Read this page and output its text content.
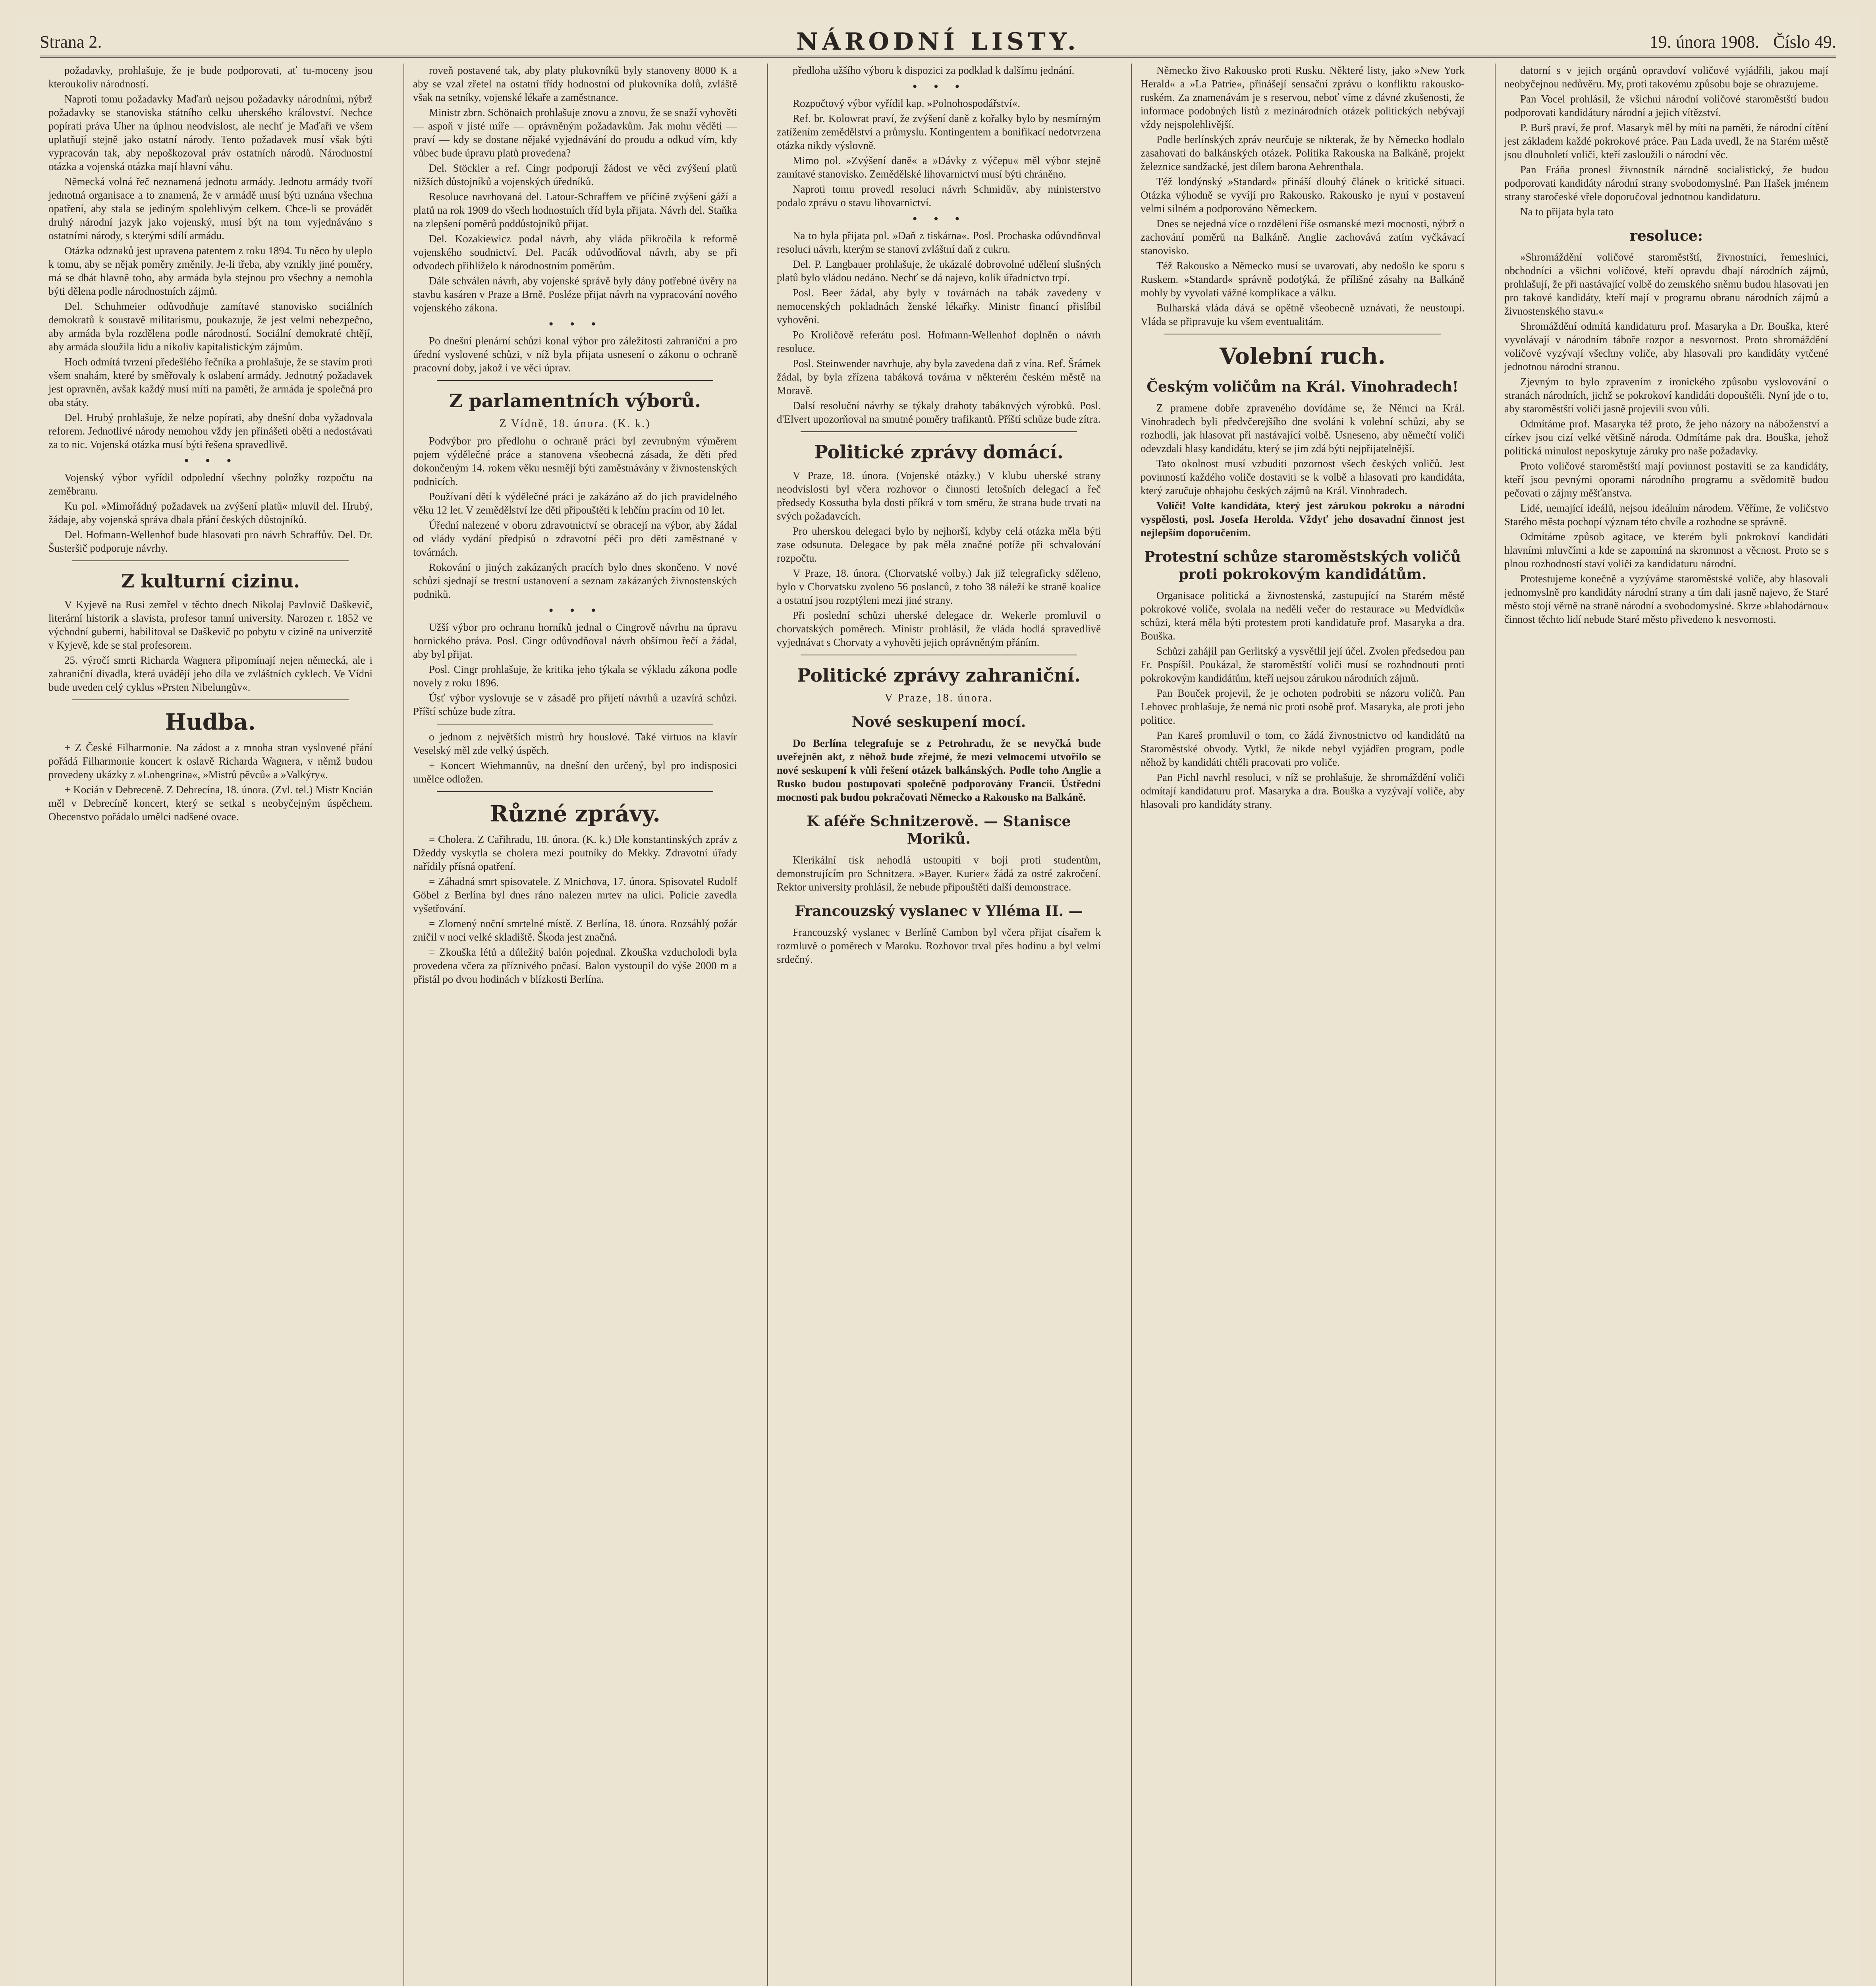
Strana 2.	NÁRODNÍ LISTY.	19. února 1908. Číslo 49.

požadavky, prohlašuje, že je bude podporovati, ať tu-moceny jsou kteroukoliv národností.

Naproti tomu požadavky Maďarů nejsou požadavky národními, nýbrž požadavky se stanoviska státního celku uherského království. Nechce popírati práva Uher na úplnou neodvislost, ale nechť je Maďaři ve všem uplatňují stejně jako ostatní národy. Tento požadavek musí však býti vypracován tak, aby nepoškozoval práv ostatních národů. Národnostní otázka a vojenská otázka mají hlavní váhu.

Německá volná řeč neznamená jednotu armády. Jednotu armády tvoří jednotná organisace a to znamená, že v armádě musí býti uznána všechna opatření, aby stala se jediným spolehlivým celkem. Chce-li se provádět druhý národní jazyk jako vojenský, musí být na tom vyjednáváno s ostatními národy, s kterými sdílí armádu.

Otázka odznaků jest upravena patentem z roku 1894. Tu něco by uleplo k tomu, aby se nějak poměry změnily. Je-li třeba, aby vznikly jiné poměry, má se dbát hlavně toho, aby armáda byla stejnou pro všechny a nemohla býti dělena podle národnostních zájmů.

Del. Schuhmeier odůvodňuje zamítavé stanovisko sociálních demokratů k soustavě militarismu, poukazuje, že jest velmi nebezpečno, aby armáda byla rozdělena podle národností. Sociální demokraté chtějí, aby armáda sloužila lidu a nikoliv kapitalistickým zájmům.

Hoch odmítá tvrzení předešlého řečníka a prohlašuje, že se stavím proti všem snahám, které by směřovaly k oslabení armády. Jednotný požadavek jest opravněn, avšak každý musí míti na paměti, že armáda je společná pro oba státy.

Del. Hrubý prohlašuje, že nelze popírati, aby dnešní doba vyžadovala reforem. Jednotlivé národy nemohou vždy jen přinášeti oběti a nedostávati za to nic. Vojenská otázka musí býti řešena spravedlivě.

• • •

Vojenský výbor vyřídil odpolední všechny položky rozpočtu na zeměbranu.

Ku pol. »Mimořádný požadavek na zvýšení platů« mluvil del. Hrubý, žádaje, aby vojenská správa dbala přání českých důstojníků.

Del. Hofmann-Wellenhof bude hlasovati pro návrh Schraffův. Del. Dr. Šusteršič podporuje návrhy.

Z kulturní cizinu.

V Kyjevě na Rusi zemřel v těchto dnech Nikolaj Pavlovič Daškevič, literární historik a slavista, profesor tamní university. Narozen r. 1852 ve východní guberni, habilitoval se Daškevič po pobytu v cizině na univerzitě v Kyjevě, kde se stal profesorem.

25. výročí smrti Richarda Wagnera připomínají nejen německá, ale i zahraniční divadla, která uvádějí jeho díla ve zvláštních cyklech. Ve Vídni bude uveden celý cyklus »Prsten Nibelungův«.

Hudba.

+ Z České Filharmonie. Na zádost a z mnoha stran vyslovené přání pořádá Filharmonie koncert k oslavě Richarda Wagnera, v němž budou provedeny ukázky z »Lohengrina«, »Mistrů pěvců« a »Valkýry«.

+ Kocián v Debreceně. Z Debrecína, 18. února. (Zvl. tel.) Mistr Kocián měl v Debrecíně koncert, který se setkal s neobyčejným úspěchem. Obecenstvo pořádalo umělci nadšené ovace.

roveň postavené tak, aby platy plukovníků byly stanoveny 8000 K a aby se vzal zřetel na ostatní třídy hodnostní od plukovníka dolů, zvláště však na setníky, vojenské lékaře a zaměstnance.

Ministr zbrn. Schönaich prohlašuje znovu a znovu, že se snaží vyhověti — aspoň v jisté míře — oprávněným požadavkům. Jak mohu věděti — praví — kdy se dostane nějaké vyjednávání do proudu a odkud vím, kdy vůbec bude úpravu platů provedena?

Del. Stöckler a ref. Cingr podporují žádost ve věci zvýšení platů nižších důstojníků a vojenských úředníků.

Resoluce navrhovaná del. Latour-Schraffem ve příčině zvýšení gáží a platů na rok 1909 do všech hodnostních tříd byla přijata. Návrh del. Staňka na zlepšení poměrů poddůstojníků přijat.

Del. Kozakiewicz podal návrh, aby vláda přikročila k reformě vojenského soudnictví. Del. Pacák odůvodňoval návrh, aby se při odvodech přihlíželo k národnostním poměrům.

Dále schválen návrh, aby vojenské správě byly dány potřebné úvěry na stavbu kasáren v Praze a Brně. Posléze přijat návrh na vypracování nového vojenského zákona.

• • •

Po dnešní plenární schůzi konal výbor pro záležitosti zahraniční a pro úřední vyslovené schůzi, v níž byla přijata usnesení o zákonu o ochraně pracovní doby, jakož i ve věci úprav.

Z parlamentních výborů.
Z Vídně, 18. února. (K. k.)

Podvýbor pro předlohu o ochraně práci byl zevrubným výměrem pojem výdělečné práce a stanovena všeobecná zásada, že děti před dokončeným 14. rokem věku nesmějí býti zaměstnávány v živnostenských podnicích.

Používaní dětí k výdělečné práci je zakázáno až do jich pravidelného věku 12 let. V zemědělství lze děti připouštěti k lehčím pracím od 10 let.

Úřední nalezené v oboru zdravotnictví se obracejí na výbor, aby žádal od vlády vydání předpisů o zdravotní péči pro děti zaměstnané v továrnách.

Rokování o jiných zakázaných pracích bylo dnes skončeno. V nové schůzi sjednají se trestní ustanovení a seznam zakázaných živnostenských podniků.

• • •

Užší výbor pro ochranu horníků jednal o Cingrově návrhu na úpravu hornického práva. Posl. Cingr odůvodňoval návrh obšírnou řečí a žádal, aby byl přijat.

Posl. Cingr prohlašuje, že kritika jeho týkala se výkladu zákona podle novely z roku 1896.

Úsť výbor vyslovuje se v zásadě pro přijetí návrhů a uzavírá schůzi. Příští schůze bude zítra.

o jednom z největších mistrů hry houslové. Také virtuos na klavír Veselský měl zde velký úspěch.

+ Koncert Wiehmannův, na dnešní den určený, byl pro indisposici umělce odložen.

Různé zprávy.

= Cholera. Z Cařihradu, 18. února. (K. k.) Dle konstantinských zpráv z Džeddy vyskytla se cholera mezi poutníky do Mekky. Zdravotní úřady nařídily přísná opatření.

= Záhadná smrt spisovatele. Z Mnichova, 17. února. Spisovatel Rudolf Göbel z Berlína byl dnes ráno nalezen mrtev na ulici. Policie zavedla vyšetřování.

= Zlomený noční smrtelné místě. Z Berlína, 18. února. Rozsáhlý požár zničil v noci velké skladiště. Škoda jest značná.

= Zkouška létů a důležitý balón pojednal. Zkouška vzducholodi byla provedena včera za příznivého počasí. Balon vystoupil do výše 2000 m a přistál po dvou hodinách v blízkosti Berlína.

předloha užšího výboru k dispozici za podklad k dalšímu jednání.

• • •

Rozpočtový výbor vyřídil kap. »Polnohospodářství«.

Ref. br. Kolowrat praví, že zvýšení daně z kořalky bylo by nesmírným zatížením zemědělství a průmyslu. Kontingentem a bonifikací nedotvrzena otázka nikdy výslovně.

Mimo pol. »Zvýšení daně« a »Dávky z výčepu« měl výbor stejně zamítavé stanovisko. Zemědělské lihovarnictví musí býti chráněno.

Naproti tomu provedl resoluci návrh Schmidův, aby ministerstvo podalo zprávu o stavu lihovarnictví.

• • •

Na to byla přijata pol. »Daň z tiskárna«. Posl. Prochaska odůvodňoval resoluci návrh, kterým se stanoví zvláštní daň z cukru.

Del. P. Langbauer prohlašuje, že ukázalé dobrovolné udělení slušných platů bylo vládou nedáno. Nechť se dá najevo, kolik úřadnictvo trpí.

Posl. Beer žádal, aby byly v továrnách na tabák zavedeny v nemocenských pokladnách ženské lékařky. Ministr financí přislíbil vyhovění.

Po Kroličově referátu posl. Hofmann-Wellenhof doplněn o návrh resoluce.

Posl. Steinwender navrhuje, aby byla zavedena daň z vína. Ref. Šrámek žádal, by byla zřízena tabáková továrna v některém českém městě na Moravě.

Dalsí resoluční návrhy se týkaly drahoty tabákových výrobků. Posl. d'Elvert upozorňoval na smutné poměry trafikantů. Příští schůze bude zítra.

Politické zprávy domácí.

V Praze, 18. února. (Vojenské otázky.) V klubu uherské strany neodvislosti byl včera rozhovor o činnosti letošních delegací a řeč předsedy Kossutha byla dosti příkrá v tom směru, že strana bude trvati na svých požadavcích.

Pro uherskou delegaci bylo by nejhorší, kdyby celá otázka měla býti zase odsunuta. Delegace by pak měla značné potíže při schvalování rozpočtu.

V Praze, 18. února. (Chorvatské volby.) Jak již telegraficky sděleno, bylo v Chorvatsku zvoleno 56 poslanců, z toho 38 náleží ke straně koalice a ostatní jsou rozptýleni mezi jiné strany.

Při poslední schůzi uherské delegace dr. Wekerle promluvil o chorvatských poměrech. Ministr prohlásil, že vláda hodlá spravedlivě vyjednávat s Chorvaty a vyhověti jejich oprávněným přáním.

Politické zprávy zahraniční.
V Praze, 18. února.
Nové seskupení mocí.

Do Berlína telegrafuje se z Petrohradu, že se nevyčká bude uveřejněn akt, z něhož bude zřejmé, že mezi velmocemi utvořilo se nové seskupení k vůli řešení otázek balkánských. Podle toho Anglie a Rusko budou postupovati společně podporovány Francií. Ústřední mocnosti pak budou pokračovati Německo a Rakousko na Balkáně.

K aféře Schnitzerově. — Stanisce Moriků.

Klerikální tisk nehodlá ustoupiti v boji proti studentům, demonstrujícím pro Schnitzera. »Bayer. Kurier« žádá za ostré zakročení. Rektor university prohlásil, že nebude připouštěti další demonstrace.

Francouzský vyslanec v Ylléma II. —

Francouzský vyslanec v Berlíně Cambon byl včera přijat císařem k rozmluvě o poměrech v Maroku. Rozhovor trval přes hodinu a byl velmi srdečný.

Německo živo Rakousko proti Rusku. Některé listy, jako »New York Herald« a »La Patrie«, přinášejí sensační zprávu o konfliktu rakousko-ruském. Za znamenávám je s reservou, neboť víme z dávné zkušenosti, že informace podobných listů z mezinárodních otázek politických nebývají vždy nejspolehlivější.

Podle berlínských zpráv neurčuje se nikterak, že by Německo hodlalo zasahovati do balkánských otázek. Politika Rakouska na Balkáně, projekt železnice sandžacké, jest dílem barona Aehrenthala.

Též londýnský »Standard« přináší dlouhý článek o kritické situaci. Otázka výhodně se vyvíjí pro Rakousko. Rakousko je nyní v postavení velmi silném a podporováno Německem.

Dnes se nejedná více o rozdělení říše osmanské mezi mocnosti, nýbrž o zachování poměrů na Balkáně. Anglie zachovává zatím vyčkávací stanovisko.

Též Rakousko a Německo musí se uvarovati, aby nedošlo ke sporu s Ruskem. »Standard« správně podotýká, že přílišné zásahy na Balkáně mohly by vyvolati vážné komplikace a válku.

Bulharská vláda dává se opětně všeobecně uznávati, že neustoupí. Vláda se připravuje ku všem eventualitám.

Volební ruch.
Českým voličům na Král. Vinohradech!

Z pramene dobře zpraveného dovídáme se, že Němci na Král. Vinohradech byli předvčerejšího dne svoláni k volební schůzi, aby se rozhodli, jak hlasovat při nastávající volbě. Usneseno, aby němečtí voliči odevzdali hlasy kandidátu, který se jim zdá býti nejpřijatelnější.

Tato okolnost musí vzbuditi pozornost všech českých voličů. Jest povinností každého voliče dostaviti se k volbě a hlasovati pro kandidáta, který zaručuje obhajobu českých zájmů na Král. Vinohradech.

Voliči! Volte kandidáta, který jest zárukou pokroku a národní vyspělosti, posl. Josefa Herolda. Vždyť jeho dosavadní činnost jest nejlepším doporučením.

Protestní schůze staroměstských voličů proti pokrokovým kandidátům.

Organisace politická a živnostenská, zastupující na Starém městě pokrokové voliče, svolala na neděli večer do restaurace »u Medvídků« schůzi, která měla býti protestem proti kandidatuře prof. Masaryka a dra. Bouška.

Schůzi zahájil pan Gerlitský a vysvětlil její účel. Zvolen předsedou pan Fr. Pospíšil. Poukázal, že staroměstští voliči musí se rozhodnouti proti pokrokovým kandidátům, kteří nejsou zárukou národních zájmů.

Pan Bouček projevil, že je ochoten podrobiti se názoru voličů. Pan Lehovec prohlašuje, že nemá nic proti osobě prof. Masaryka, ale proti jeho politice.

Pan Kareš promluvil o tom, co žádá živnostnictvo od kandidátů na Staroměstské obvody. Vytkl, že nikde nebyl vyjádřen program, podle něhož by kandidáti chtěli pracovati pro voliče.

Pan Pichl navrhl resoluci, v níž se prohlašuje, že shromáždění voliči odmítají kandidaturu prof. Masaryka a dra. Bouška a vyzývají voliče, aby hlasovali pro kandidáty strany.

datorní s v jejich orgánů opravdoví voličové vyjádřili, jakou mají neobyčejnou nedůvěru. My, proti takovému způsobu boje se ohrazujeme.

Pan Vocel prohlásil, že všichni národní voličové staroměstští budou podporovati kandidátury národní a jejich vítězství.

P. Burš praví, že prof. Masaryk měl by míti na paměti, že národní cítění jest základem každé pokrokové práce. Pan Lada uvedl, že na Starém městě jsou dlouholetí voliči, kteří zasloužili o národní věc.

Pan Fráňa pronesl živnostník národně socialistický, že budou podporovati kandidáty národní strany svobodomyslné. Pan Hašek jménem strany staročeské vřele doporučoval jednotnou kandidaturu.

Na to přijata byla tato

resoluce:

»Shromáždění voličové staroměstští, živnostníci, řemeslníci, obchodníci a všichni voličové, kteří opravdu dbají národních zájmů, prohlašují, že při nastávající volbě do zemského sněmu budou hlasovati jen pro takové kandidáty, kteří mají v programu obranu národních zájmů a živnostenského stavu.«

Shromáždění odmítá kandidaturu prof. Masaryka a Dr. Bouška, které vyvolávají v národním táboře rozpor a nesvornost. Proto shromáždění voličové vyzývají všechny voliče, aby hlasovali pro kandidáty vytčené jednotnou národní stranou.

Zjevným to bylo zpravením z ironického způsobu vyslovování o stranách národních, jichž se pokrokoví kandidáti dopouštěli. Nyní jde o to, aby staroměstští voliči jasně projevili svou vůli.

Odmítáme prof. Masaryka též proto, že jeho názory na náboženství a církev jsou cizí velké většině národa. Odmítáme pak dra. Bouška, jehož politická minulost neposkytuje záruky pro naše požadavky.

Proto voličové staroměstští mají povinnost postaviti se za kandidáty, kteří jsou pevnými oporami národního programu a svědomitě budou pečovati o zájmy měšťanstva.

Lidé, nemající ideálů, nejsou ideálním národem. Věříme, že voličstvo Starého města pochopí význam této chvíle a rozhodne se správně.

Odmítáme způsob agitace, ve kterém byli pokrokoví kandidáti hlavními mluvčími a kde se zapomíná na skromnost a věcnost. Proto se s plnou rozhodností staví voliči za kandidaturu národní.

Protestujeme konečně a vyzýváme staroměstské voliče, aby hlasovali jednomyslně pro kandidáty národní strany a tím dali jasně najevo, že Staré město stojí věrně na straně národní a svobodomyslné. Skrze »blahodárnou« činnost těchto lidí nebude Staré město přivedeno k nesvornosti.
